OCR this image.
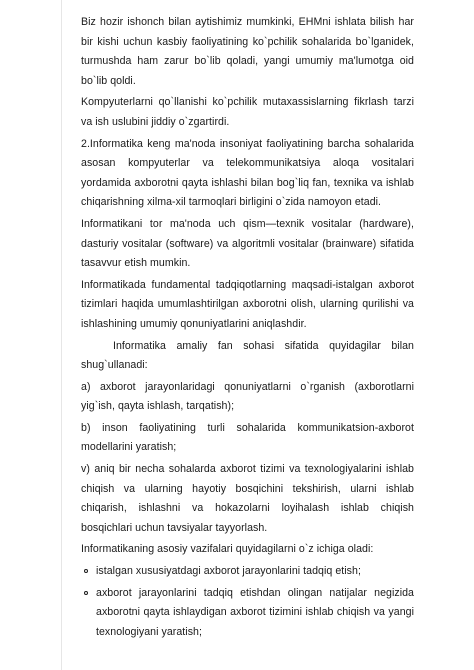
Biz hozir ishonch bilan aytishimiz mumkinki, EHMni ishlata bilish har bir kishi uchun kasbiy faoliyatining ko`pchilik sohalarida bo`lganidek, turmushda ham zarur bo`lib qoladi, yangi umumiy ma'lumotga oid bo`lib qoldi.

Kompyuterlarni qo`llanishi ko`pchilik mutaxassislarning fikrlash tarzi va ish uslubini jiddiy o`zgartirdi.

2.Informatika keng ma'noda insoniyat faoliyatining barcha sohalarida asosan kompyuterlar va telekommunikatsiya aloqa vositalari yordamida axborotni qayta ishlashi bilan bog`liq fan, texnika va ishlab chiqarishning xilma-xil tarmoqlari birligini o`zida namoyon etadi.

Informatikani tor ma'noda uch qism—texnik vositalar (hardware), dasturiy vositalar (software) va algoritmli vositalar (brainware) sifatida tasavvur etish mumkin.

Informatikada fundamental tadqiqotlarning maqsadi-istalgan axborot tizimlari haqida umumlashtirilgan axborotni olish, ularning qurilishi va ishlashining umumiy qonuniyatlarini aniqlashdir.

Informatika amaliy fan sohasi sifatida quyidagilar bilan shug`ullanadi:

a) axborot jarayonlaridagi qonuniyatlarni o`rganish (axborotlarni yig`ish, qayta ishlash, tarqatish);

b) inson faoliyatining turli sohalarida kommunikatsion-axborot modellarini yaratish;

v) aniq bir necha sohalarda axborot tizimi va texnologiyalarini ishlab chiqish va ularning hayotiy bosqichini tekshirish, ularni ishlab chiqarish, ishlashni va hokazolarni loyihalash ishlab chiqish bosqichlari uchun tavsiyalar tayyorlash.

Informatikaning asosiy vazifalari quyidagilarni o`z ichiga oladi:

istalgan xususiyatdagi axborot jarayonlarini tadqiq etish;
axborot jarayonlarini tadqiq etishdan olingan natijalar negizida axborotni qayta ishlaydigan axborot tizimini ishlab chiqish va yangi texnologiyani yaratish;
